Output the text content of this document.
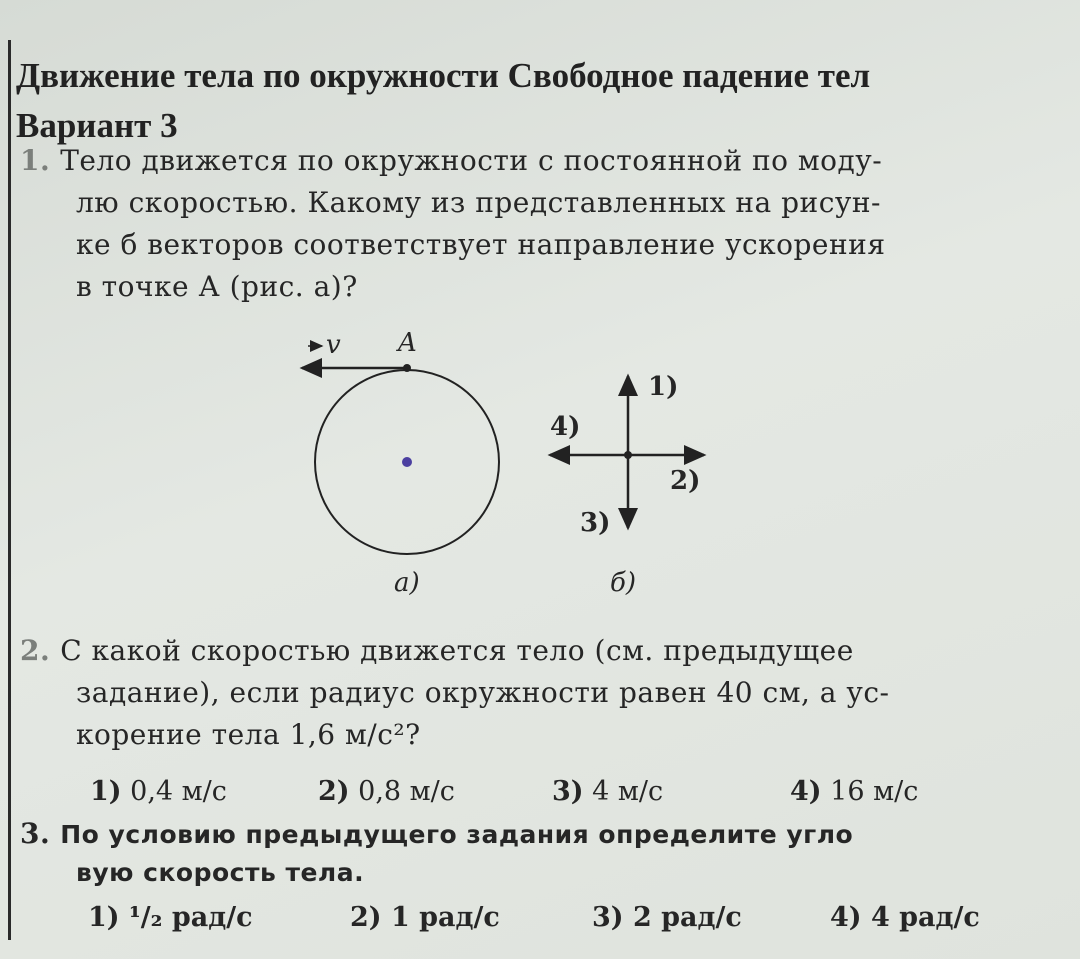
Движение тела по окружности Свободное падение тел
Вариант 3
1. Тело движется по окружности с постоянной по моду-
лю скоростью. Какому из представленных на рисун-
ке б векторов соответствует направление ускорения
в точке А (рис. а)?
v A
1)
2)
3)
4)
а)	б)
2. С какой скоростью движется тело (см. предыдущее
задание), если радиус окружности равен 40 см, а ус-
корение тела 1,6 м/с²?
1) 0,4 м/с	2) 0,8 м/с	3) 4 м/с	4) 16 м/с
3. По условию предыдущего задания определите угло
вую скорость тела.
1) ¹/₂ рад/с	2) 1 рад/с	3) 2 рад/с	4) 4 рад/с
